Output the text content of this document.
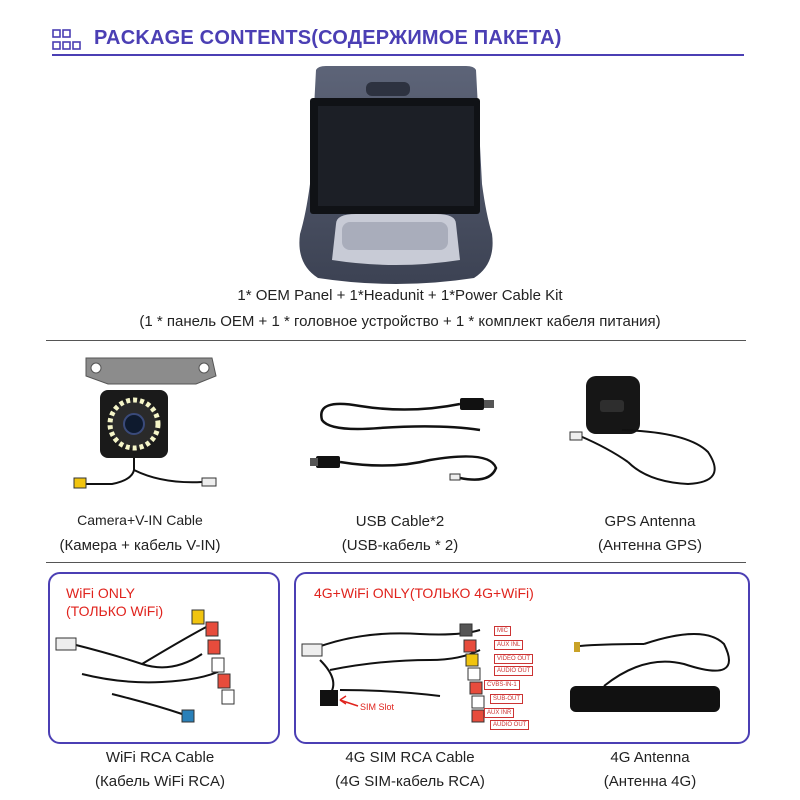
PACKAGE CONTENTS(СОДЕРЖИМОЕ ПАКЕТА)
1* OEM Panel + 1*Headunit + 1*Power Cable Kit
(1 * панель OEM + 1 * головное устройство + 1 * комплект кабеля питания)
Camera+V-IN Cable
(Камера + кабель V-IN)
USB Cable*2
(USB-кабель * 2)
GPS Antenna
(Антенна GPS)
WiFi ONLY
(ТОЛЬКО WiFi)
WiFi RCA Cable
(Кабель WiFi RCA)
4G+WiFi ONLY(ТОЛЬКО 4G+WiFi)
SIM Slot
MIC
AUX INL
VIDEO OUT
AUDIO OUT
CVBS-IN-1
SUB-OUT
AUX INR
AUDIO OUT
4G Antenna
(Антенна 4G)
4G SIM RCA Cable
(4G SIM-кабель RCA)
